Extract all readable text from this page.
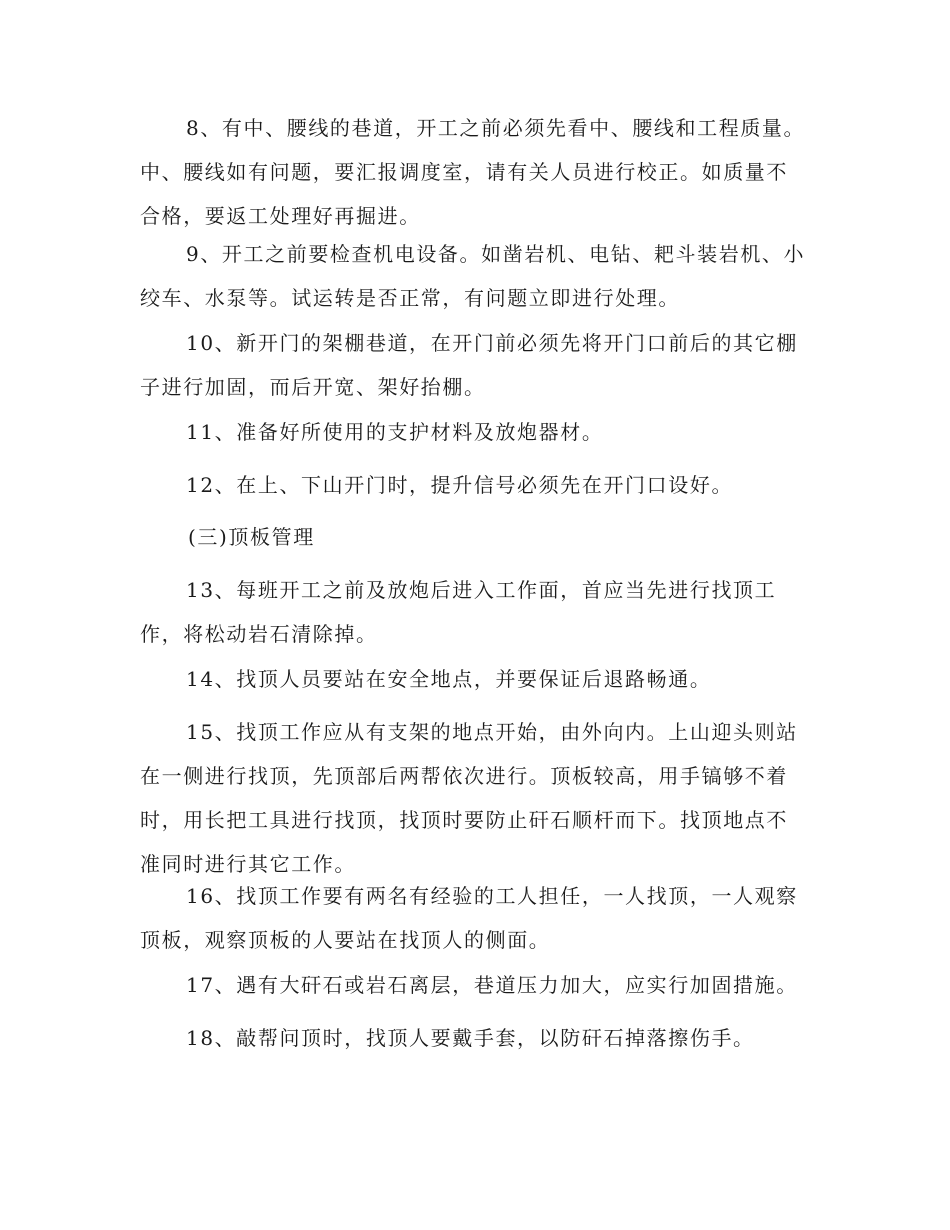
8、有中、腰线的巷道，开工之前必须先看中、腰线和工程质量。
中、腰线如有问题，要汇报调度室，请有关人员进行校正。如质量不
合格，要返工处理好再掘进。

9、开工之前要检查机电设备。如凿岩机、电钻、耙斗装岩机、小
绞车、水泵等。试运转是否正常，有问题立即进行处理。

10、新开门的架棚巷道，在开门前必须先将开门口前后的其它棚
子进行加固，而后开宽、架好抬棚。

11、准备好所使用的支护材料及放炮器材。

12、在上、下山开门时，提升信号必须先在开门口设好。

(三)顶板管理

13、每班开工之前及放炮后进入工作面，首应当先进行找顶工
作，将松动岩石清除掉。

14、找顶人员要站在安全地点，并要保证后退路畅通。

15、找顶工作应从有支架的地点开始，由外向内。上山迎头则站
在一侧进行找顶，先顶部后两帮依次进行。顶板较高，用手镐够不着
时，用长把工具进行找顶，找顶时要防止矸石顺杆而下。找顶地点不
准同时进行其它工作。

16、找顶工作要有两名有经验的工人担任，一人找顶，一人观察
顶板，观察顶板的人要站在找顶人的侧面。

17、遇有大矸石或岩石离层，巷道压力加大，应实行加固措施。

18、敲帮问顶时，找顶人要戴手套，以防矸石掉落擦伤手。
